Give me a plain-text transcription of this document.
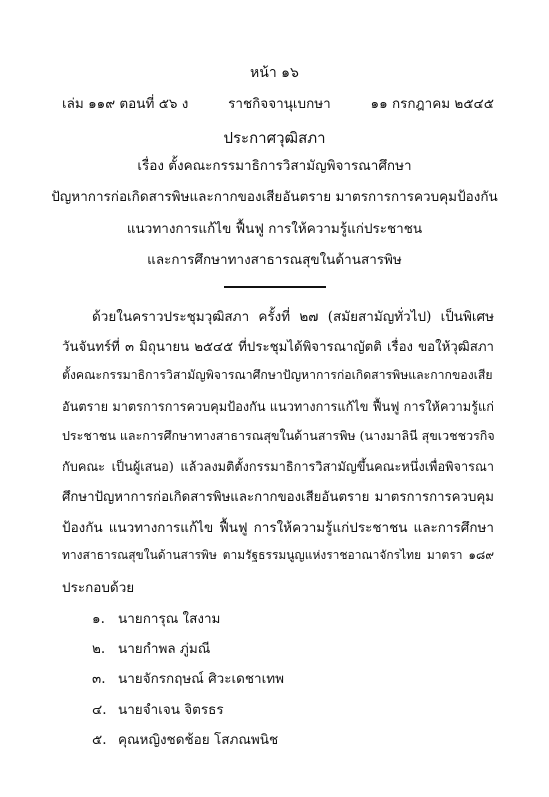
หน้า ๑๖
เล่ม ๑๑๙ ตอนที่ ๕๖ ง	ราชกิจจานุเบกษา	๑๑ กรกฎาคม ๒๕๔๕
ประกาศวุฒิสภา
เรื่อง ตั้งคณะกรรมาธิการวิสามัญพิจารณาศึกษา
ปัญหาการก่อเกิดสารพิษและกากของเสียอันตราย มาตรการการควบคุมป้องกัน
แนวทางการแก้ไข ฟื้นฟู การให้ความรู้แก่ประชาชน
และการศึกษาทางสาธารณสุขในด้านสารพิษ
ด้วยในคราวประชุมวุฒิสภา ครั้งที่ ๒๗ (สมัยสามัญทั่วไป) เป็นพิเศษ
วันจันทร์ที่ ๓ มิถุนายน ๒๕๔๕ ที่ประชุมได้พิจารณาญัตติ เรื่อง ขอให้วุฒิสภา
ตั้งคณะกรรมาธิการวิสามัญพิจารณาศึกษาปัญหาการก่อเกิดสารพิษและกากของเสีย
อันตราย มาตรการการควบคุมป้องกัน แนวทางการแก้ไข ฟื้นฟู การให้ความรู้แก่
ประชาชน และการศึกษาทางสาธารณสุขในด้านสารพิษ (นางมาลินี สุขเวชชวรกิจ
กับคณะ เป็นผู้เสนอ) แล้วลงมติตั้งกรรมาธิการวิสามัญขึ้นคณะหนึ่งเพื่อพิจารณา
ศึกษาปัญหาการก่อเกิดสารพิษและกากของเสียอันตราย มาตรการการควบคุม
ป้องกัน แนวทางการแก้ไข ฟื้นฟู การให้ความรู้แก่ประชาชน และการศึกษา
ทางสาธารณสุขในด้านสารพิษ ตามรัฐธรรมนูญแห่งราชอาณาจักรไทย มาตรา ๑๘๙
ประกอบด้วย
๑. นายการุณ ใสงาม
๒. นายกำพล ภู่มณี
๓. นายจักรกฤษณ์ ศิวะเดชาเทพ
๔. นายจำเจน จิตรธร
๕. คุณหญิงชดช้อย โสภณพนิช
